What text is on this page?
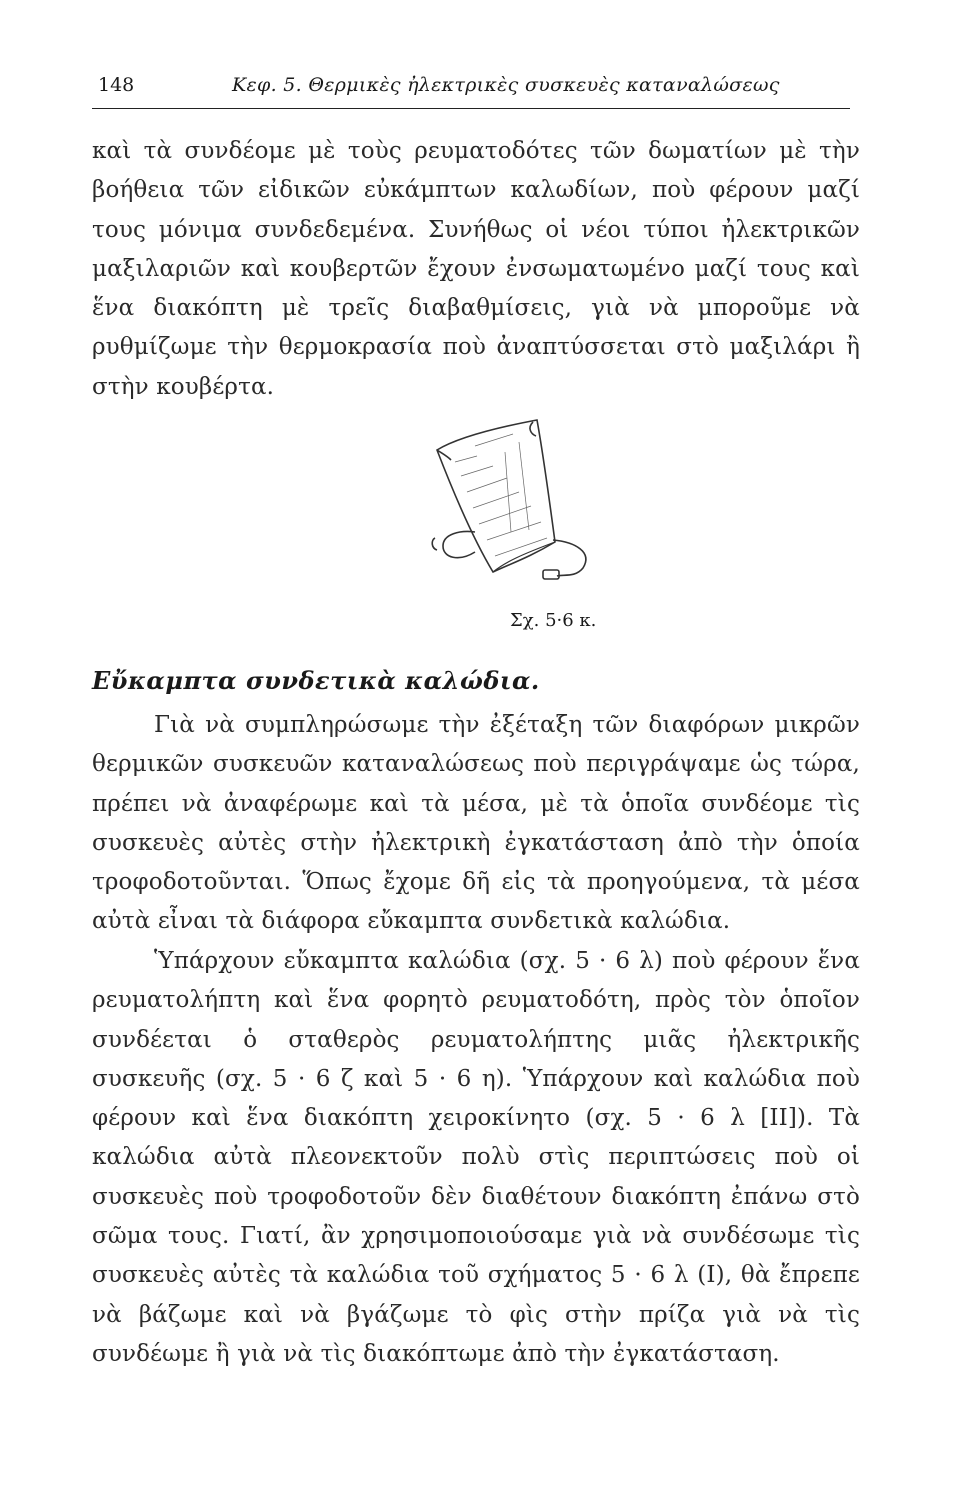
148	Κεφ. 5. Θερμικὲς ἠλεκτρικὲς συσκευὲς καταναλώσεως

καὶ τὰ συνδέομε μὲ τοὺς ρευματοδότες τῶν δωματίων μὲ τὴν βοήθεια τῶν εἰδικῶν εὐκάμπτων καλωδίων, ποὺ φέρουν μαζί τους μόνιμα συνδεδεμένα. Συνήθως οἱ νέοι τύποι ἠλεκτρικῶν μαξιλαριῶν καὶ κουβερτῶν ἔχουν ἐνσωματωμένο μαζί τους καὶ ἕνα διακόπτη μὲ τρεῖς διαβαθμίσεις, γιὰ νὰ μποροῦμε νὰ ρυθμίζωμε τὴν θερμοκρασία ποὺ ἀναπτύσσεται στὸ μαξιλάρι ἢ στὴν κουβέρτα.

Σχ. 5·6 κ.
Εὔκαμπτα συνδετικὰ καλώδια.

Γιὰ νὰ συμπληρώσωμε τὴν ἐξέταξη τῶν διαφόρων μικρῶν θερμικῶν συσκευῶν καταναλώσεως ποὺ περιγράψαμε ὡς τώρα, πρέπει νὰ ἀναφέρωμε καὶ τὰ μέσα, μὲ τὰ ὁποῖα συνδέομε τὶς συσκευὲς αὐτὲς στὴν ἠλεκτρικὴ ἐγκατάσταση ἀπὸ τὴν ὁποία τροφοδοτοῦνται. Ὅπως ἔχομε δῆ εἰς τὰ προηγούμενα, τὰ μέσα αὐτὰ εἶναι τὰ διάφορα εὔκαμπτα συνδετικὰ καλώδια.

Ὑπάρχουν εὔκαμπτα καλώδια (σχ. 5 · 6 λ) ποὺ φέρουν ἕνα ρευματολήπτη καὶ ἕνα φορητὸ ρευματοδότη, πρὸς τὸν ὁποῖον συνδέεται ὁ σταθερὸς ρευματολήπτης μιᾶς ἠλεκτρικῆς συσκευῆς (σχ. 5 · 6 ζ καὶ 5 · 6 η). Ὑπάρχουν καὶ καλώδια ποὺ φέρουν καὶ ἕνα διακόπτη χειροκίνητο (σχ. 5 · 6 λ [ΙΙ]). Τὰ καλώδια αὐτὰ πλεονεκτοῦν πολὺ στὶς περιπτώσεις ποὺ οἱ συσκευὲς ποὺ τροφοδοτοῦν δὲν διαθέτουν διακόπτη ἐπάνω στὸ σῶμα τους. Γιατί, ἂν χρησιμοποιούσαμε γιὰ νὰ συνδέσωμε τὶς συσκευὲς αὐτὲς τὰ καλώδια τοῦ σχήματος 5 · 6 λ (Ι), θὰ ἔπρεπε νὰ βάζωμε καὶ νὰ βγάζωμε τὸ φὶς στὴν πρίζα γιὰ νὰ τὶς συνδέωμε ἢ γιὰ νὰ τὶς διακόπτωμε ἀπὸ τὴν ἐγκατάσταση.
